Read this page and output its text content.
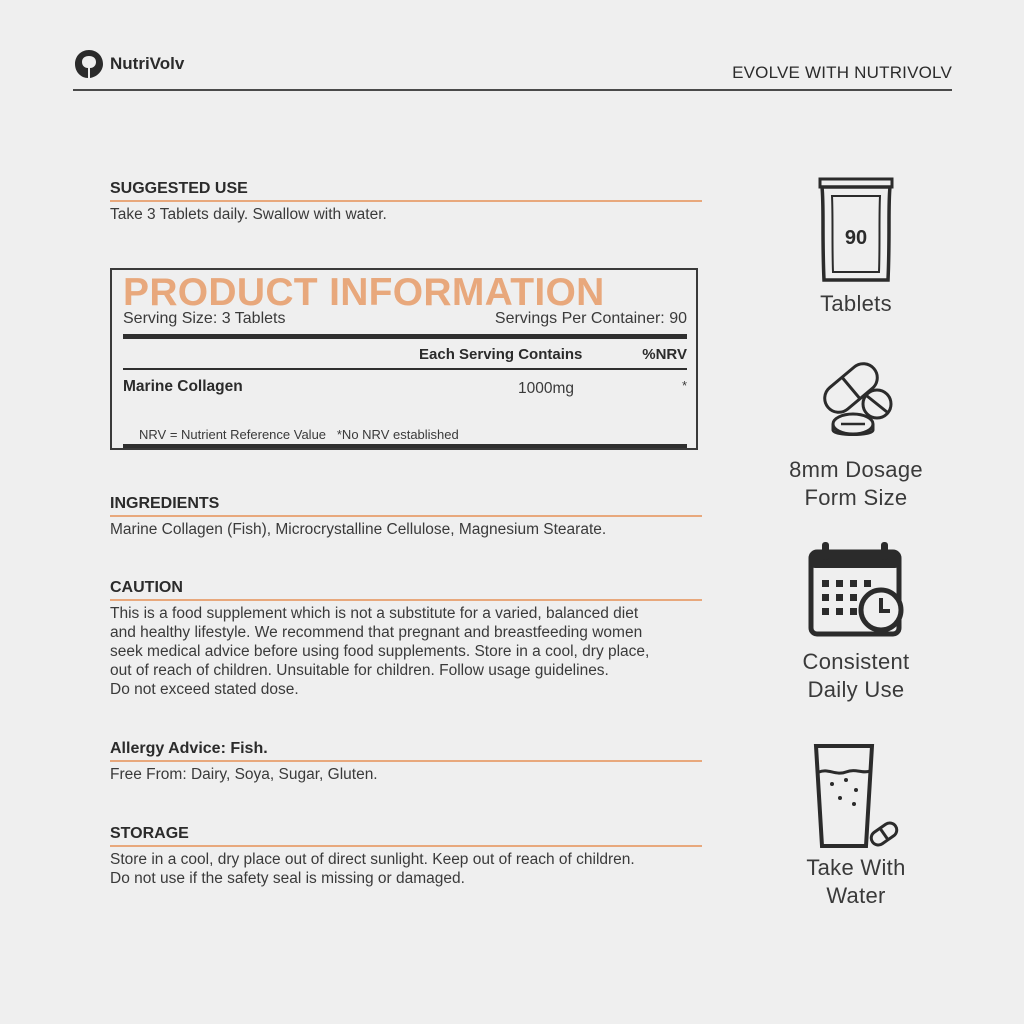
NutriVolv	EVOLVE WITH NUTRIVOLV
SUGGESTED USE
Take 3 Tablets daily. Swallow with water.
PRODUCT INFORMATION
Serving Size: 3 Tablets	Servings Per Container: 90
Each Serving Contains	%NRV
Marine Collagen	1000mg	*
NRV = Nutrient Reference Value   *No NRV established
INGREDIENTS
Marine Collagen (Fish), Microcrystalline Cellulose, Magnesium Stearate.
CAUTION
This is a food supplement which is not a substitute for a varied, balanced diet
and healthy lifestyle. We recommend that pregnant and breastfeeding women
seek medical advice before using food supplements. Store in a cool, dry place,
out of reach of children. Unsuitable for children. Follow usage guidelines.
Do not exceed stated dose.
Allergy Advice: Fish.
Free From: Dairy, Soya, Sugar, Gluten.
STORAGE
Store in a cool, dry place out of direct sunlight. Keep out of reach of children.
Do not use if the safety seal is missing or damaged.
90
Tablets
8mm Dosage
Form Size
Consistent
Daily Use
Take With
Water
